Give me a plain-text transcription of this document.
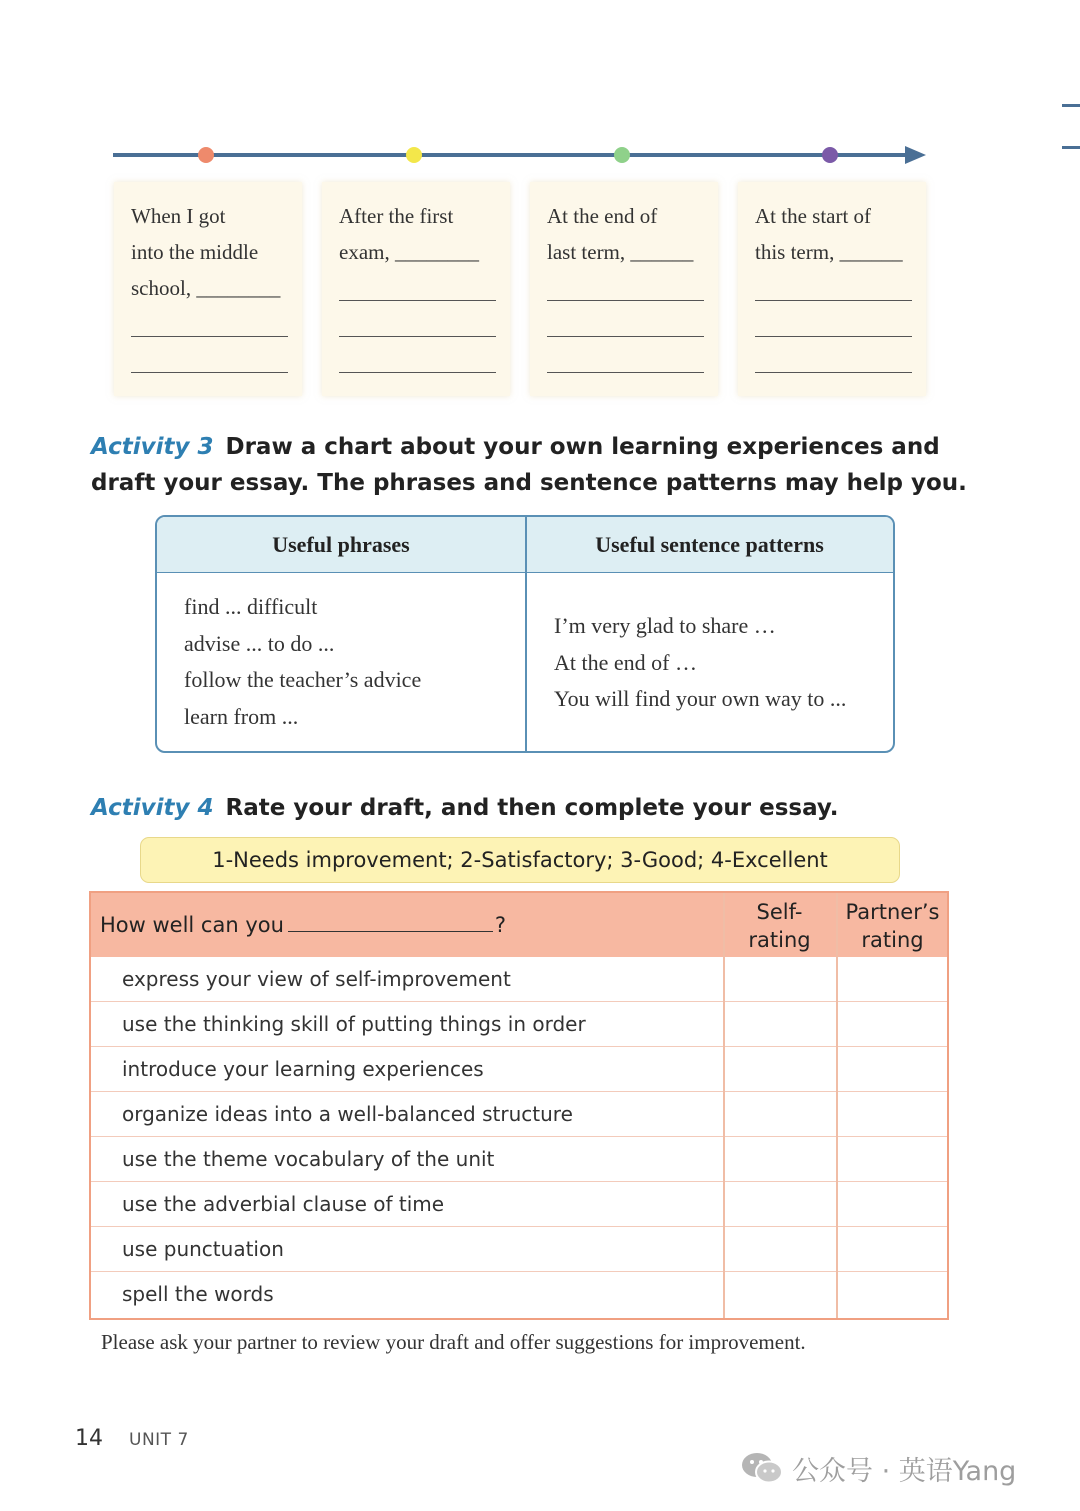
When I got
into the middle
school, ________
After the first
exam, ________
At the end of
last term, ______
At the start of
this term, ______
Activity 3 Draw a chart about your own learning experiences and draft your essay. The phrases and sentence patterns may help you.
Useful phrases	Useful sentence patterns
find ... difficult
advise ... to do ...
follow the teacher’s advice
learn from ...
I’m very glad to share …
At the end of …
You will find your own way to ...
Activity 4 Rate your draft, and then complete your essay.
1-Needs improvement; 2-Satisfactory; 3-Good; 4-Excellent
How well can you	?
Self-
rating
Partner’s
rating
express your view of self-improvement
use the thinking skill of putting things in order
introduce your learning experiences
organize ideas into a well-balanced structure
use the theme vocabulary of the unit
use the adverbial clause of time
use punctuation
spell the words
Please ask your partner to review your draft and offer suggestions for improvement.
14 UNIT 7
公众号 · 英语Yang
